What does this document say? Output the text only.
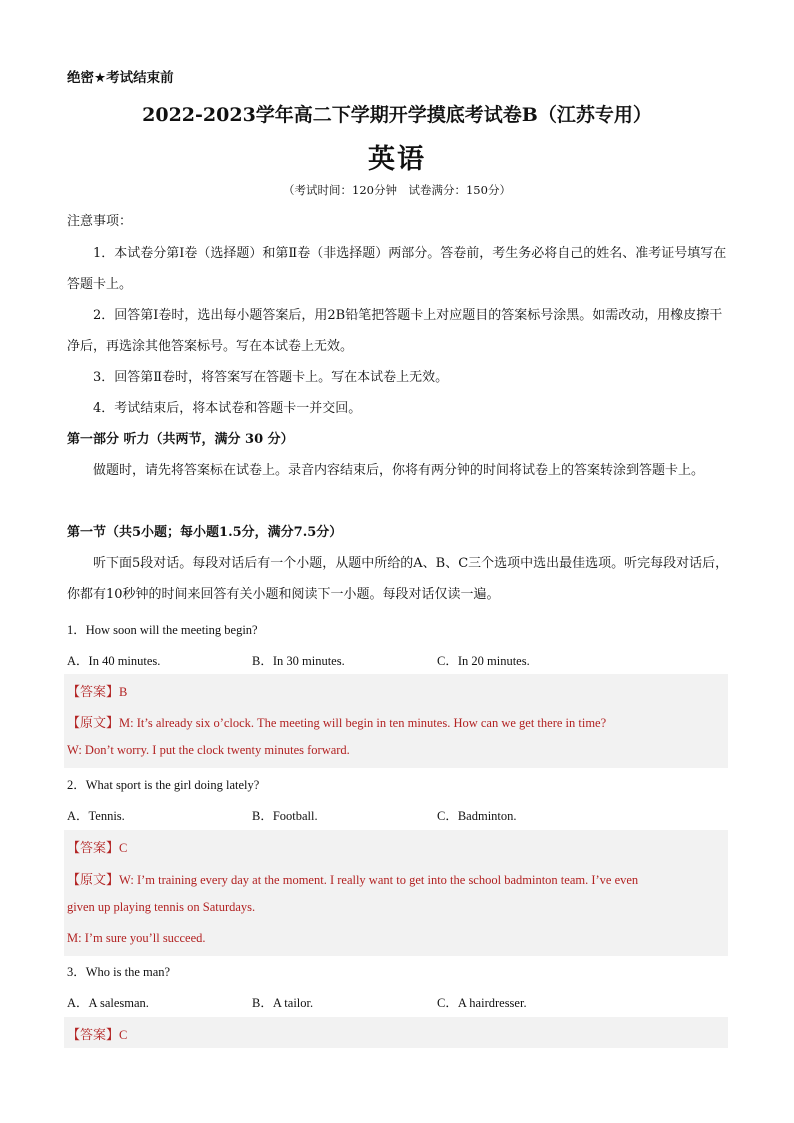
绝密★考试结束前
2022-2023学年高二下学期开学摸底考试卷B（江苏专用）
英语
（考试时间：120分钟　试卷满分：150分）
注意事项：
1．本试卷分第Ⅰ卷（选择题）和第Ⅱ卷（非选择题）两部分。答卷前，考生务必将自己的姓名、准考证号填写在答题卡上。
2．回答第Ⅰ卷时，选出每小题答案后，用2B铅笔把答题卡上对应题目的答案标号涂黑。如需改动，用橡皮擦干净后，再选涂其他答案标号。写在本试卷上无效。
3．回答第Ⅱ卷时，将答案写在答题卡上。写在本试卷上无效。
4．考试结束后，将本试卷和答题卡一并交回。
第一部分 听力（共两节，满分 30 分）
做题时，请先将答案标在试卷上。录音内容结束后，你将有两分钟的时间将试卷上的答案转涂到答题卡上。
第一节（共5小题；每小题1.5分，满分7.5分）
听下面5段对话。每段对话后有一个小题，从题中所给的A、B、C三个选项中选出最佳选项。听完每段对话后，你都有10秒钟的时间来回答有关小题和阅读下一小题。每段对话仅读一遍。
1．How soon will the meeting begin?
A．In 40 minutes.	B．In 30 minutes.	C．In 20 minutes.
【答案】B
【原文】M: It’s already six o’clock. The meeting will begin in ten minutes. How can we get there in time?
W: Don’t worry. I put the clock twenty minutes forward.
2．What sport is the girl doing lately?
A．Tennis.	B．Football.	C．Badminton.
【答案】C
【原文】W: I’m training every day at the moment. I really want to get into the school badminton team. I’ve even
given up playing tennis on Saturdays.
M: I’m sure you’ll succeed.
3．Who is the man?
A．A salesman.	B．A tailor.	C．A hairdresser.
【答案】C
